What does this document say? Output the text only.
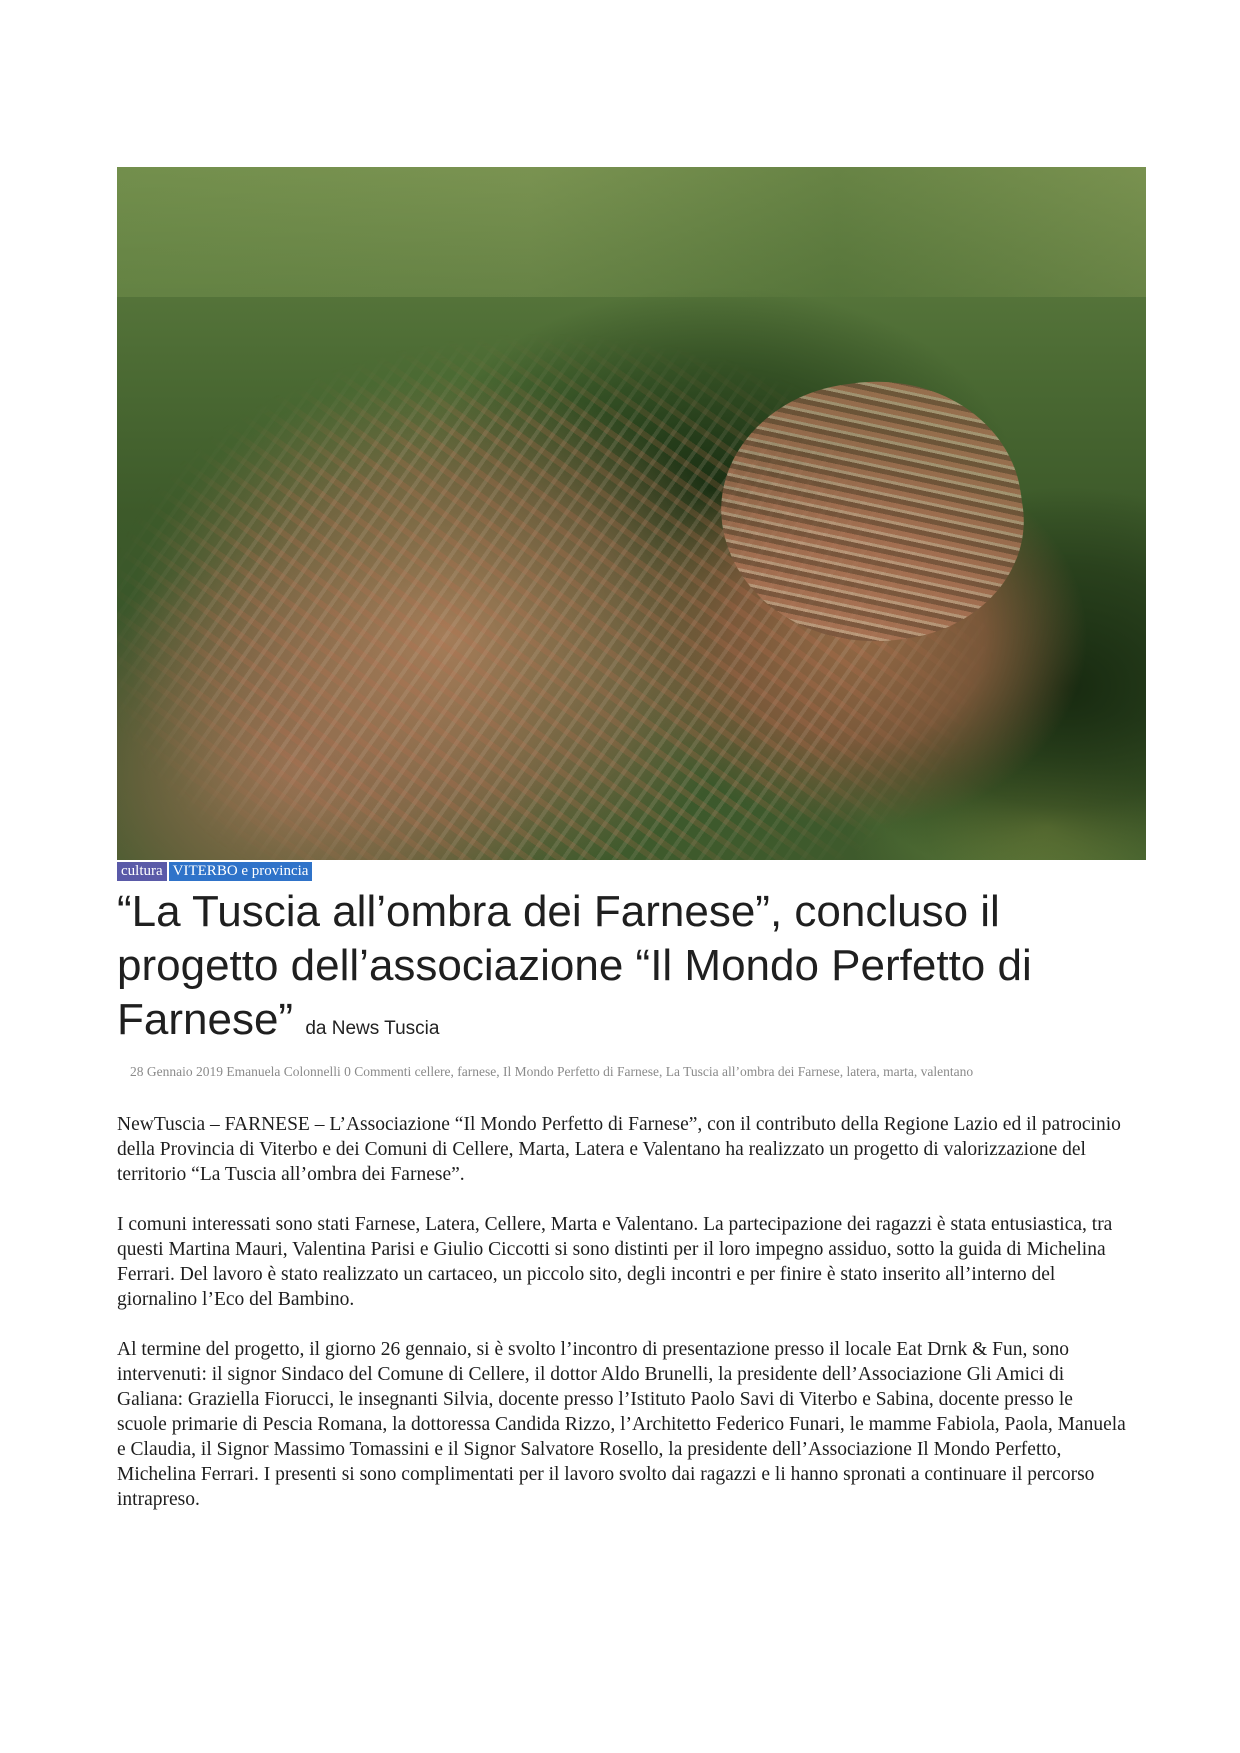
cultura VITERBO e provincia
“La Tuscia all’ombra dei Farnese”, concluso il progetto dell’associazione “Il Mondo Perfetto di Farnese” da News Tuscia

28 Gennaio 2019 Emanuela Colonnelli 0 Commenti cellere, farnese, Il Mondo Perfetto di Farnese, La Tuscia all’ombra dei Farnese, latera, marta, valentano

NewTuscia – FARNESE – L’Associazione “Il Mondo Perfetto di Farnese”, con il contributo della Regione Lazio ed il patrocinio della Provincia di Viterbo e dei Comuni di Cellere, Marta, Latera e Valentano ha realizzato un progetto di valorizzazione del territorio “La Tuscia all’ombra dei Farnese”.

I comuni interessati sono stati Farnese, Latera, Cellere, Marta e Valentano. La partecipazione dei ragazzi è stata entusiastica, tra questi Martina Mauri, Valentina Parisi e Giulio Ciccotti si sono distinti per il loro impegno assiduo, sotto la guida di Michelina Ferrari. Del lavoro è stato realizzato un cartaceo, un piccolo sito, degli incontri e per finire è stato inserito all’interno del giornalino l’Eco del Bambino.

Al termine del progetto, il giorno 26 gennaio, si è svolto l’incontro di presentazione presso il locale Eat Drnk & Fun, sono intervenuti: il signor Sindaco del Comune di Cellere, il dottor Aldo Brunelli, la presidente dell’Associazione Gli Amici di Galiana: Graziella Fiorucci, le insegnanti Silvia, docente presso l’Istituto Paolo Savi di Viterbo e Sabina, docente presso le scuole primarie di Pescia Romana, la dottoressa Candida Rizzo, l’Architetto Federico Funari, le mamme Fabiola, Paola, Manuela e Claudia, il Signor Massimo Tomassini e il Signor Salvatore Rosello, la presidente dell’Associazione Il Mondo Perfetto, Michelina Ferrari. I presenti si sono complimentati per il lavoro svolto dai ragazzi e li hanno spronati a continuare il percorso intrapreso.
